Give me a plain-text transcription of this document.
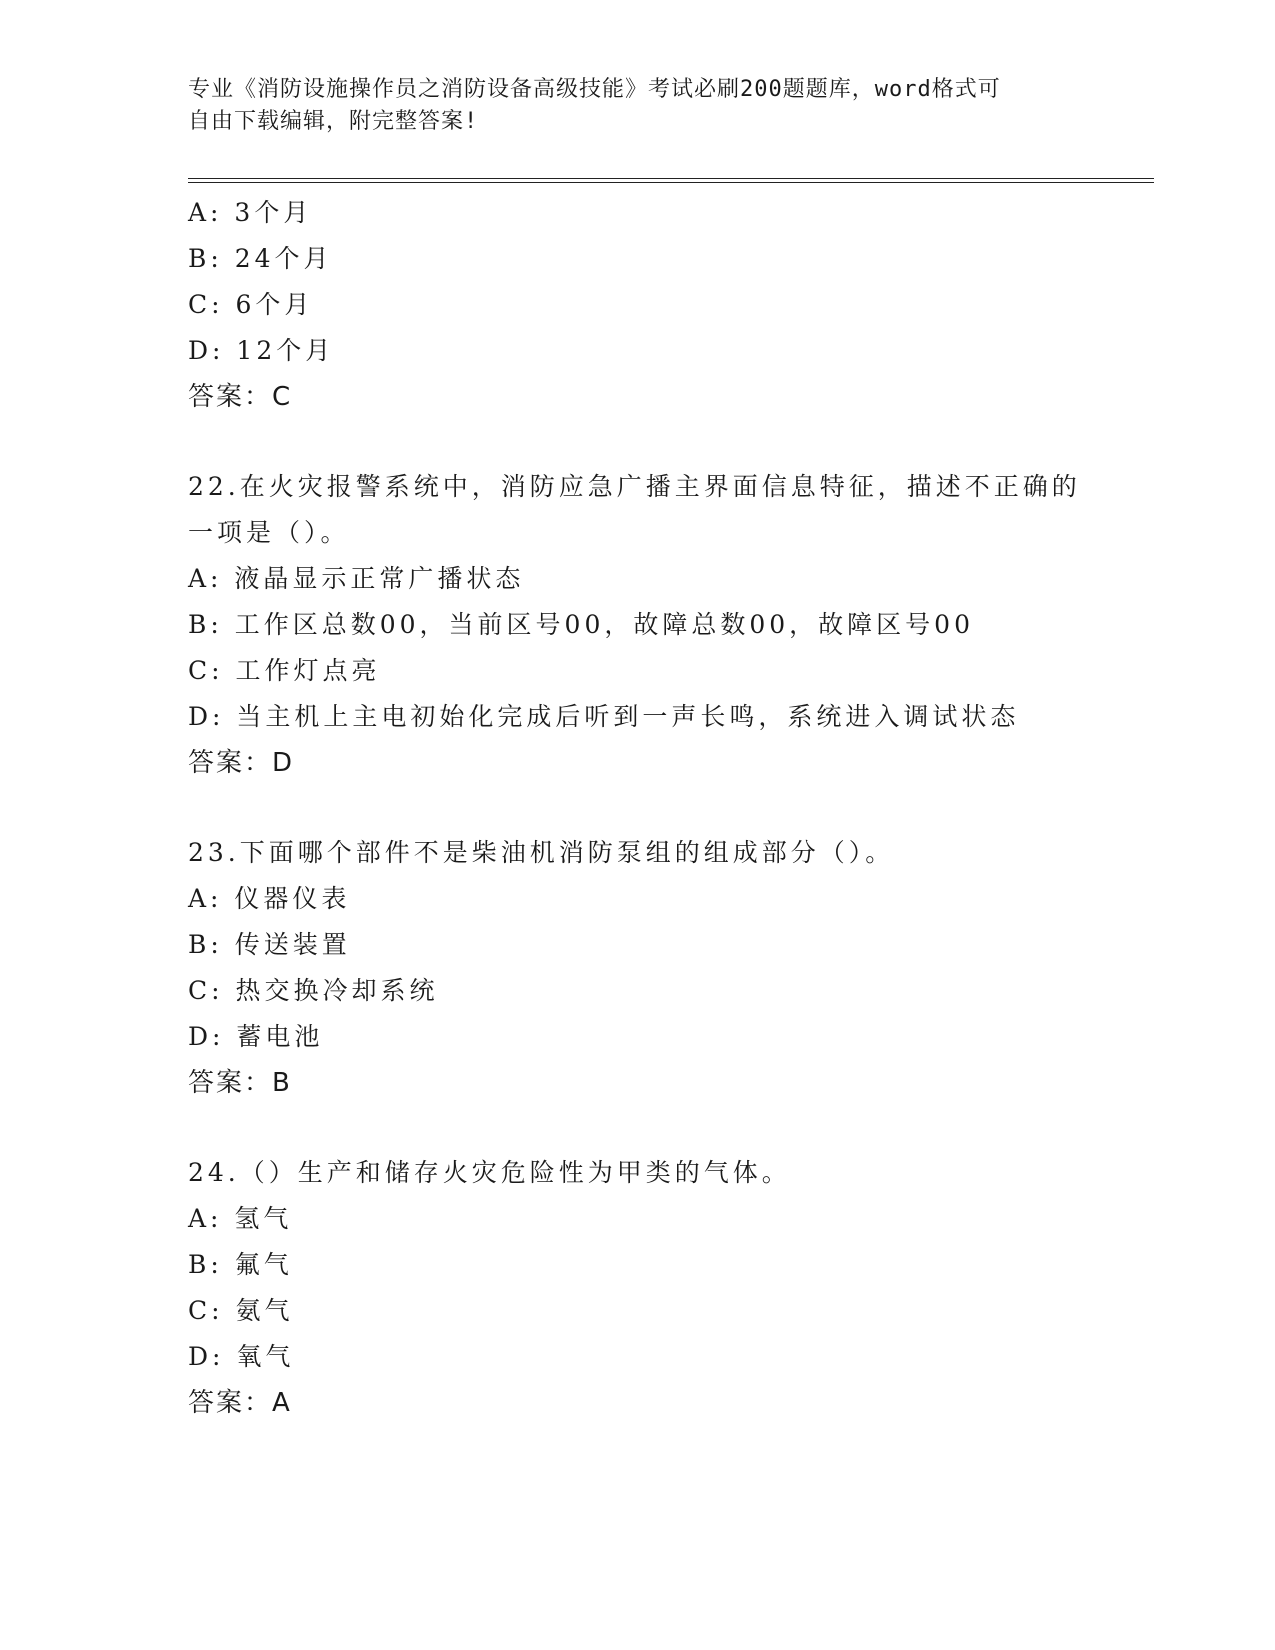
专业《消防设施操作员之消防设备高级技能》考试必刷200题题库，word格式可
自由下载编辑，附完整答案!
A: 3个月
B: 24个月
C: 6个月
D: 12个月
答案：C
22.在火灾报警系统中，消防应急广播主界面信息特征，描述不正确的
一项是（）。
A: 液晶显示正常广播状态
B: 工作区总数00，当前区号00，故障总数00，故障区号00
C: 工作灯点亮
D: 当主机上主电初始化完成后听到一声长鸣，系统进入调试状态
答案：D
23.下面哪个部件不是柴油机消防泵组的组成部分（）。
A: 仪器仪表
B: 传送装置
C: 热交换冷却系统
D: 蓄电池
答案：B
24.（）生产和储存火灾危险性为甲类的气体。
A: 氢气
B: 氟气
C: 氨气
D: 氧气
答案：A
